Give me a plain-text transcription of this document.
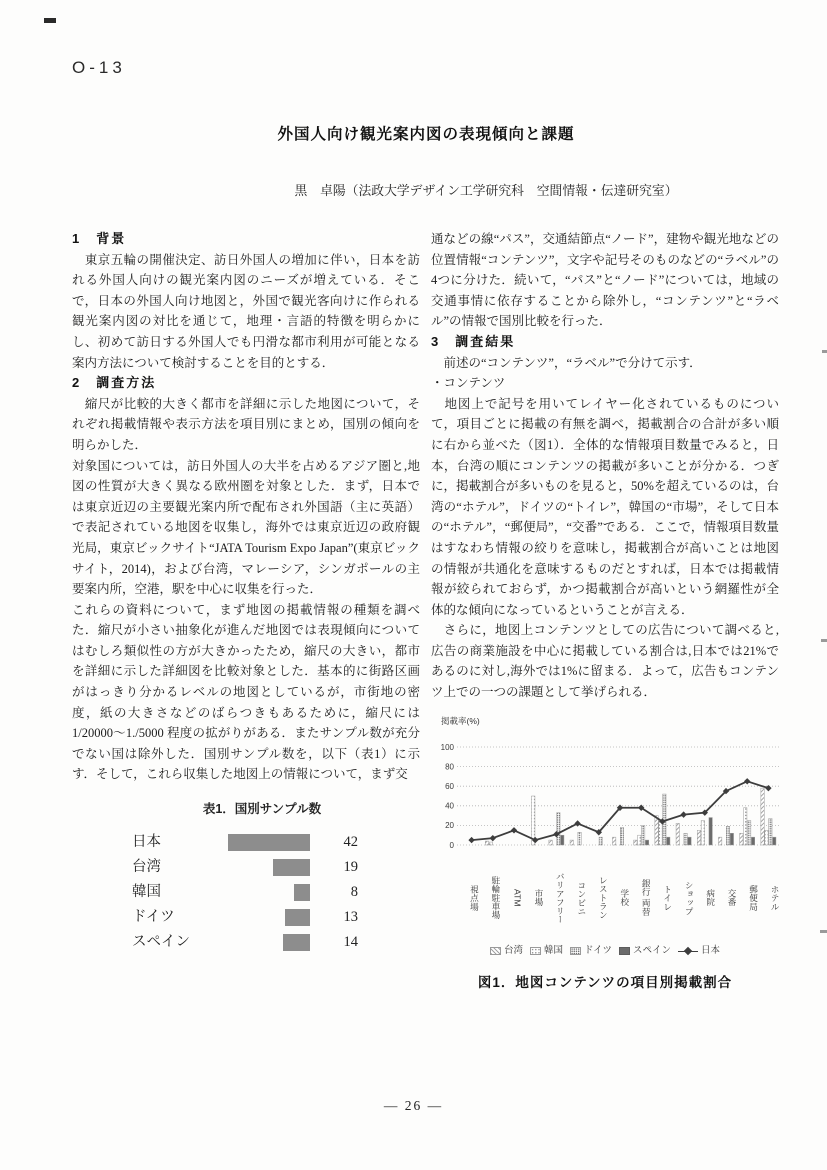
O-13
外国人向け観光案内図の表現傾向と課題
黒　卓陽（法政大学デザイン工学研究科　空間情報・伝達研究室）
1　背景

　東京五輪の開催決定、訪日外国人の増加に伴い，日本を訪れる外国人向けの観光案内図のニーズが増えている．そこで，日本の外国人向け地図と，外国で観光客向けに作られる観光案内図の対比を通じて，地理・言語的特徴を明らかにし、初めて訪日する外国人でも円滑な都市利用が可能となる案内方法について検討することを目的とする．

2　調査方法

　縮尺が比較的大きく都市を詳細に示した地図について，それぞれ掲載情報や表示方法を項目別にまとめ，国別の傾向を明らかした．

対象国については，訪日外国人の大半を占めるアジア圏と,地図の性質が大きく異なる欧州圏を対象とした．まず，日本では東京近辺の主要観光案内所で配布され外国語（主に英語）で表記されている地図を収集し，海外では東京近辺の政府観光局，東京ビックサイト“JATA Tourism Expo Japan”(東京ビックサイト，2014)，および台湾，マレーシア，シンガポールの主要案内所，空港，駅を中心に収集を行った．

これらの資料について，まず地図の掲載情報の種類を調べた．縮尺が小さい抽象化が進んだ地図では表現傾向についてはむしろ類似性の方が大きかったため，縮尺の大きい，都市を詳細に示した詳細図を比較対象とした．基本的に街路区画がはっきり分かるレベルの地図としているが，市街地の密度，紙の大きさなどのばらつきもあるために，縮尺には 1/20000～1./5000 程度の拡がりがある．またサンプル数が充分でない国は除外した．国別サンプル数を，以下（表1）に示す．そして，これら収集した地図上の情報について，まず交

表1．国別サンプル数
日本	42
台湾	19
韓国	8
ドイツ	13
スペイン	14

通などの線“パス”，交通結節点“ノード”，建物や観光地などの位置情報“コンテンツ”，文字や記号そのものなどの“ラベル”の4つに分けた．続いて，“パス”と“ノード”については，地域の交通事情に依存することから除外し，“コンテンツ”と“ラベル”の情報で国別比較を行った．

3　調査結果

　前述の“コンテンツ”，“ラベル”で分けて示す．

・コンテンツ

　地図上で記号を用いてレイヤー化されているものについて，項目ごとに掲載の有無を調べ，掲載割合の合計が多い順に右から並べた（図1）．全体的な情報項目数量でみると，日本，台湾の順にコンテンツの掲載が多いことが分かる．つぎに，掲載割合が多いものを見ると，50%を超えているのは，台湾の“ホテル”，ドイツの“トイレ”，韓国の“市場”，そして日本の“ホテル”，“郵便局”，“交番”である．ここで，情報項目数量はすなわち情報の絞りを意味し，掲載割合が高いことは地図の情報が共通化を意味するものだとすれば，日本では掲載情報が絞られておらず，かつ掲載割合が高いという網羅性が全体的な傾向になっているということが言える．

　さらに，地図上コンテンツとしての広告について調べると,広告の商業施設を中心に掲載している割合は,日本では21%であるのに対し,海外では1%に留まる．よって，広告もコンテンツ上での一つの課題として挙げられる．

掲載率(%)
0
20
40
60
80
100
視点場	駐輪駐車場	ATM	市場	バリアフリー	コンビニ	レストラン	学校	銀行 両替	トイレ	ショップ	病院	交番	郵便局	ホテル
台湾 韓国 ドイツ スペイン	日本
図1．地図コンテンツの項目別掲載割合
— 26 —
